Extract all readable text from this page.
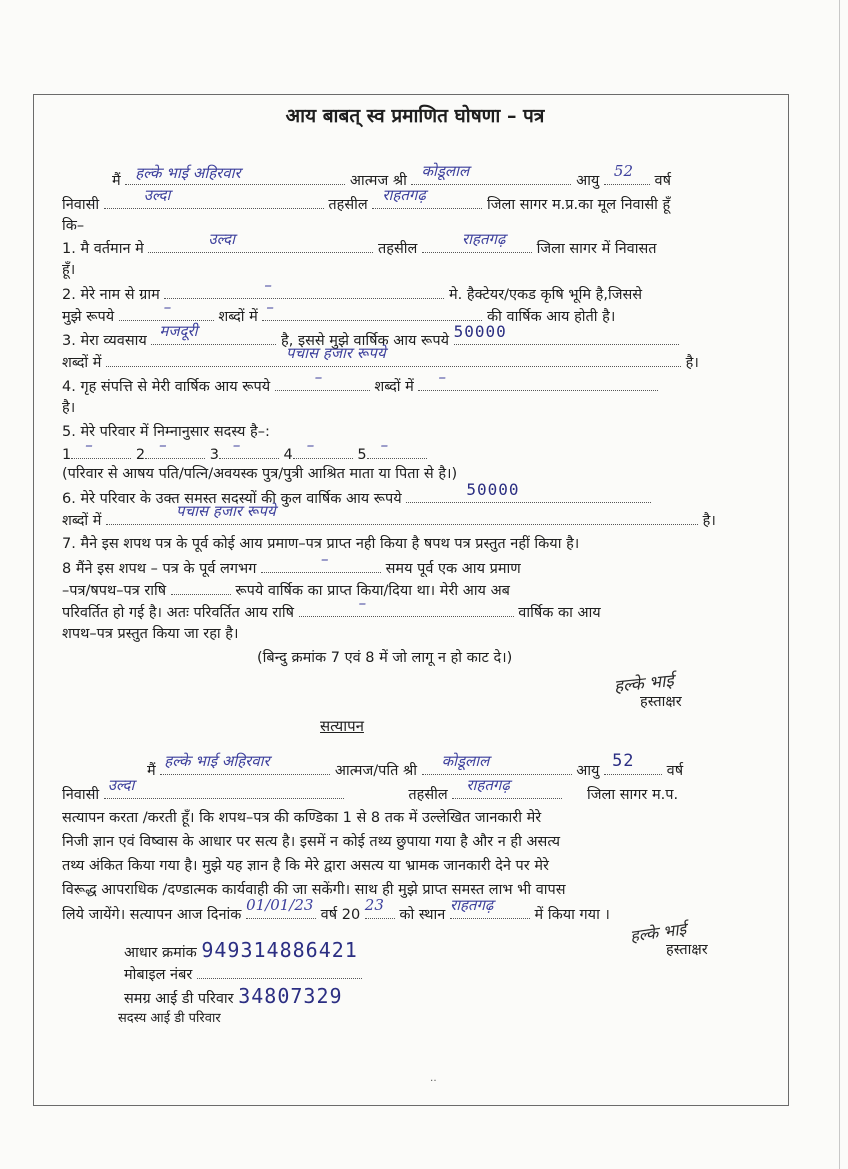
आय बाबत् स्व प्रमाणित घोषणा – पत्र
मैं हल्के भाई अहिरवार	आत्मज श्री
कोडूलाल
आयु
52
वर्ष
निवासी
उल्दा
तहसील
राहतगढ़
जिला सागर म.प्र.का मूल निवासी हूँ
कि–
1. मै वर्तमान मे
उल्दा
तहसील
राहतगढ़
जिला सागर में निवासत
हूँ।
2. मेरे नाम से ग्राम
–
मे. हैक्टेयर/एकड कृषि भूमि है,जिससे
मुझे रूपये
–
शब्दों में
–
की वार्षिक आय होती है।
3. मेरा व्यवसाय
मजदूरी
है, इससे मुझे वार्षिक आय रूपये 50000
शब्दों में
पचास हजार रूपये
है।
4. गृह संपत्ति से मेरी वार्षिक आय रूपये
–
शब्दों में
–
है।
5. मेरे परिवार में निम्नानुसार सदस्य है–:
1
–
2
–
3
–
4
–
5
–
(परिवार से आषय पति/पत्नि/अवयस्क पुत्र/पुत्री आश्रित माता या पिता से है।)
6. मेरे परिवार के उक्त समस्त सदस्यों की कुल वार्षिक आय रूपये	50000
शब्दों में
पचास हजार रूपये
है।
7. मैने इस शपथ पत्र के पूर्व कोई आय प्रमाण–पत्र प्राप्त नही किया है षपथ पत्र प्रस्तुत नहीं किया है।
8 मैंने इस शपथ – पत्र के पूर्व लगभग
–
समय पूर्व एक आय प्रमाण
–पत्र/षपथ–पत्र राषि	रूपये वार्षिक का प्राप्त किया/दिया था। मेरी आय अब
परिवर्तित हो गई है। अतः परिवर्तित आय राषि
–
वार्षिक का आय
शपथ–पत्र प्रस्तुत किया जा रहा है।
(बिन्दु क्रमांक 7 एवं 8 में जो लागू न हो काट दे।)
हल्के भाई
हस्ताक्षर
सत्यापन
मैं
हल्के भाई अहिरवार
आत्मज/पति श्री
कोडूलाल
आयु 52 वर्ष
निवासी
उल्दा
तहसील
राहतगढ़
जिला सागर म.प.
सत्यापन करता /करती हूँ। कि शपथ–पत्र की कण्डिका 1 से 8 तक में उल्लेखित जानकारी मेरे
निजी ज्ञान एवं विष्वास के आधार पर सत्य है। इसमें न कोई तथ्य छुपाया गया है और न ही असत्य
तथ्य अंकित किया गया है। मुझे यह ज्ञान है कि मेरे द्वारा असत्य या भ्रामक जानकारी देने पर मेरे
विरूद्ध आपराधिक /दण्डात्मक कार्यवाही की जा सकेंगी। साथ ही मुझे प्राप्त समस्त लाभ भी वापस
लिये जायेंगे। सत्यापन आज दिनांक
01/01/23
वर्ष 20
23
को स्थान
राहतगढ़
में किया गया ।
हल्के भाई
हस्ताक्षर
आधार क्रमांक 949314886421
मोबाइल नंबर
समग्र आई डी परिवार 34807329
सदस्य आई डी परिवार
‥
